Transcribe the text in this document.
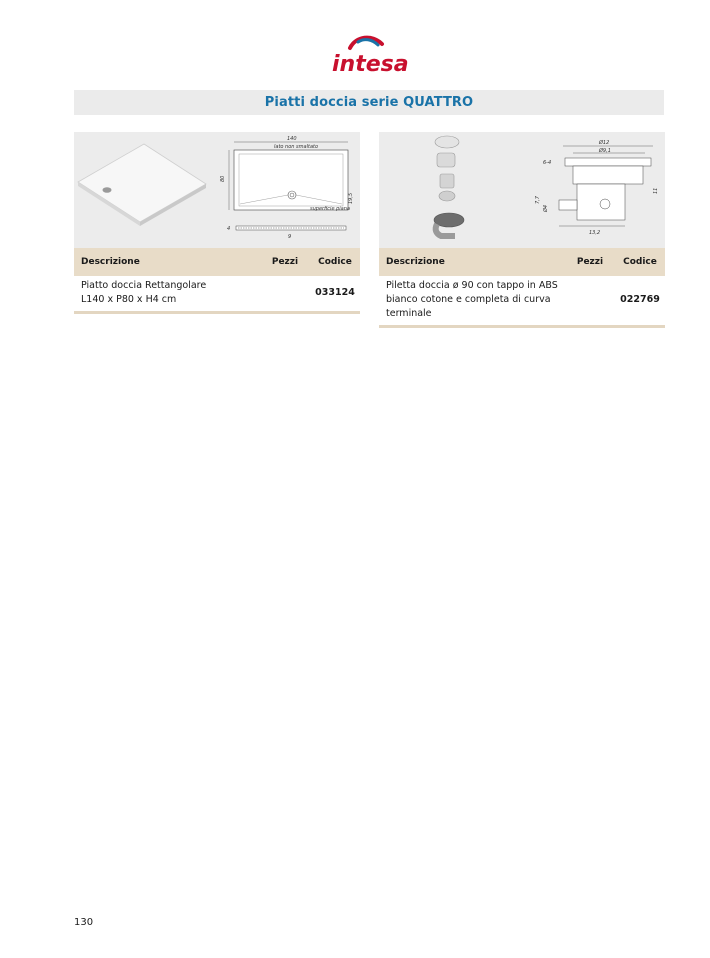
intesa
Piatti doccia serie QUATTRO
140
lato non smaltato
80
19,5
superficie piana
4
9
Descrizione	Pezzi	Codice
Piatto doccia Rettangolare
L140 x P80 x H4 cm
033124
Ø12
Ø9,1
6-4
7,7
Ø4
11
13,2
Descrizione	Pezzi	Codice
Piletta doccia ø 90 con tappo in ABS
bianco cotone e completa di curva
terminale
022769
130
